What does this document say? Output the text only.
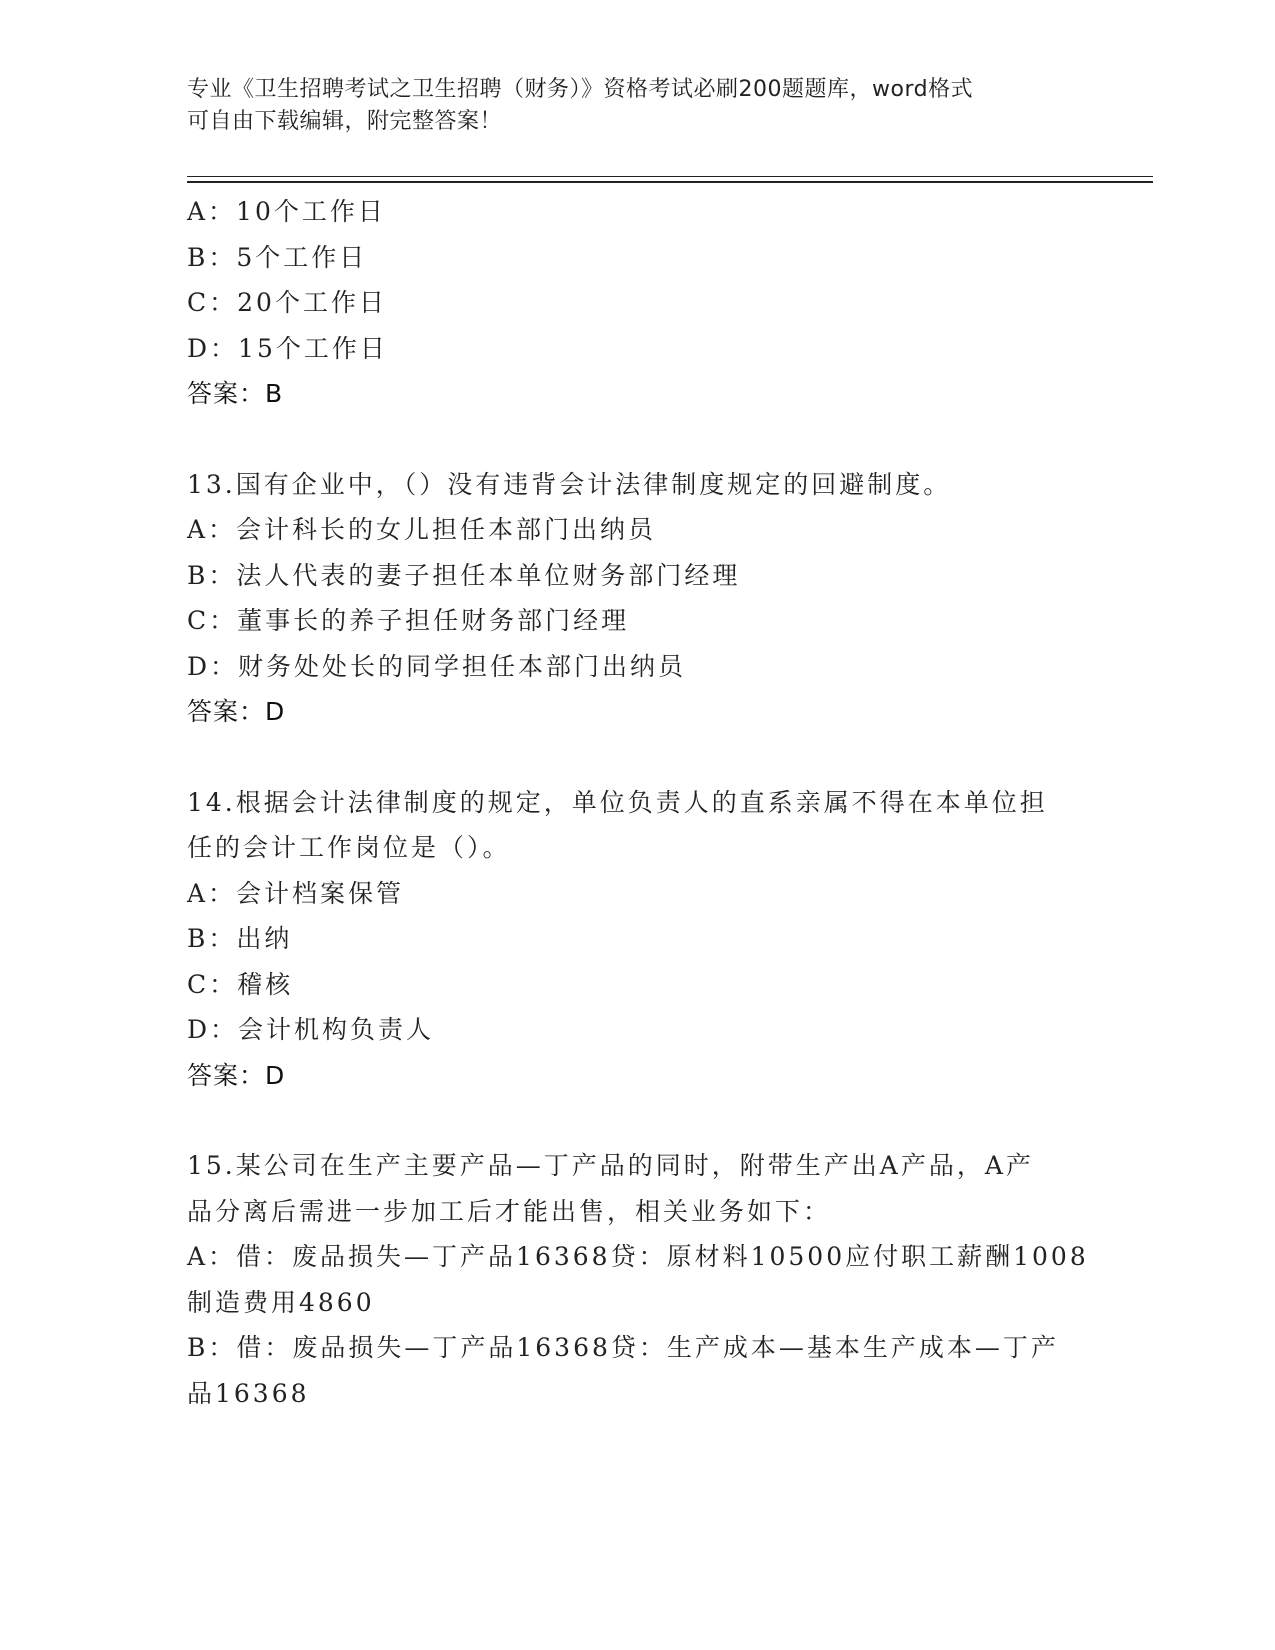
专业《卫生招聘考试之卫生招聘（财务）》资格考试必刷200题题库，word格式
可自由下载编辑，附完整答案！
A：10个工作日
B：5个工作日
C：20个工作日
D：15个工作日
答案：B
13.国有企业中，（）没有违背会计法律制度规定的回避制度。
A：会计科长的女儿担任本部门出纳员
B：法人代表的妻子担任本单位财务部门经理
C：董事长的养子担任财务部门经理
D：财务处处长的同学担任本部门出纳员
答案：D
14.根据会计法律制度的规定，单位负责人的直系亲属不得在本单位担
任的会计工作岗位是（）。
A：会计档案保管
B：出纳
C：稽核
D：会计机构负责人
答案：D
15.某公司在生产主要产品—丁产品的同时，附带生产出A产品，A产
品分离后需进一步加工后才能出售，相关业务如下：
A：借：废品损失—丁产品16368贷：原材料10500应付职工薪酬1008
制造费用4860
B：借：废品损失—丁产品16368贷：生产成本—基本生产成本—丁产
品16368
